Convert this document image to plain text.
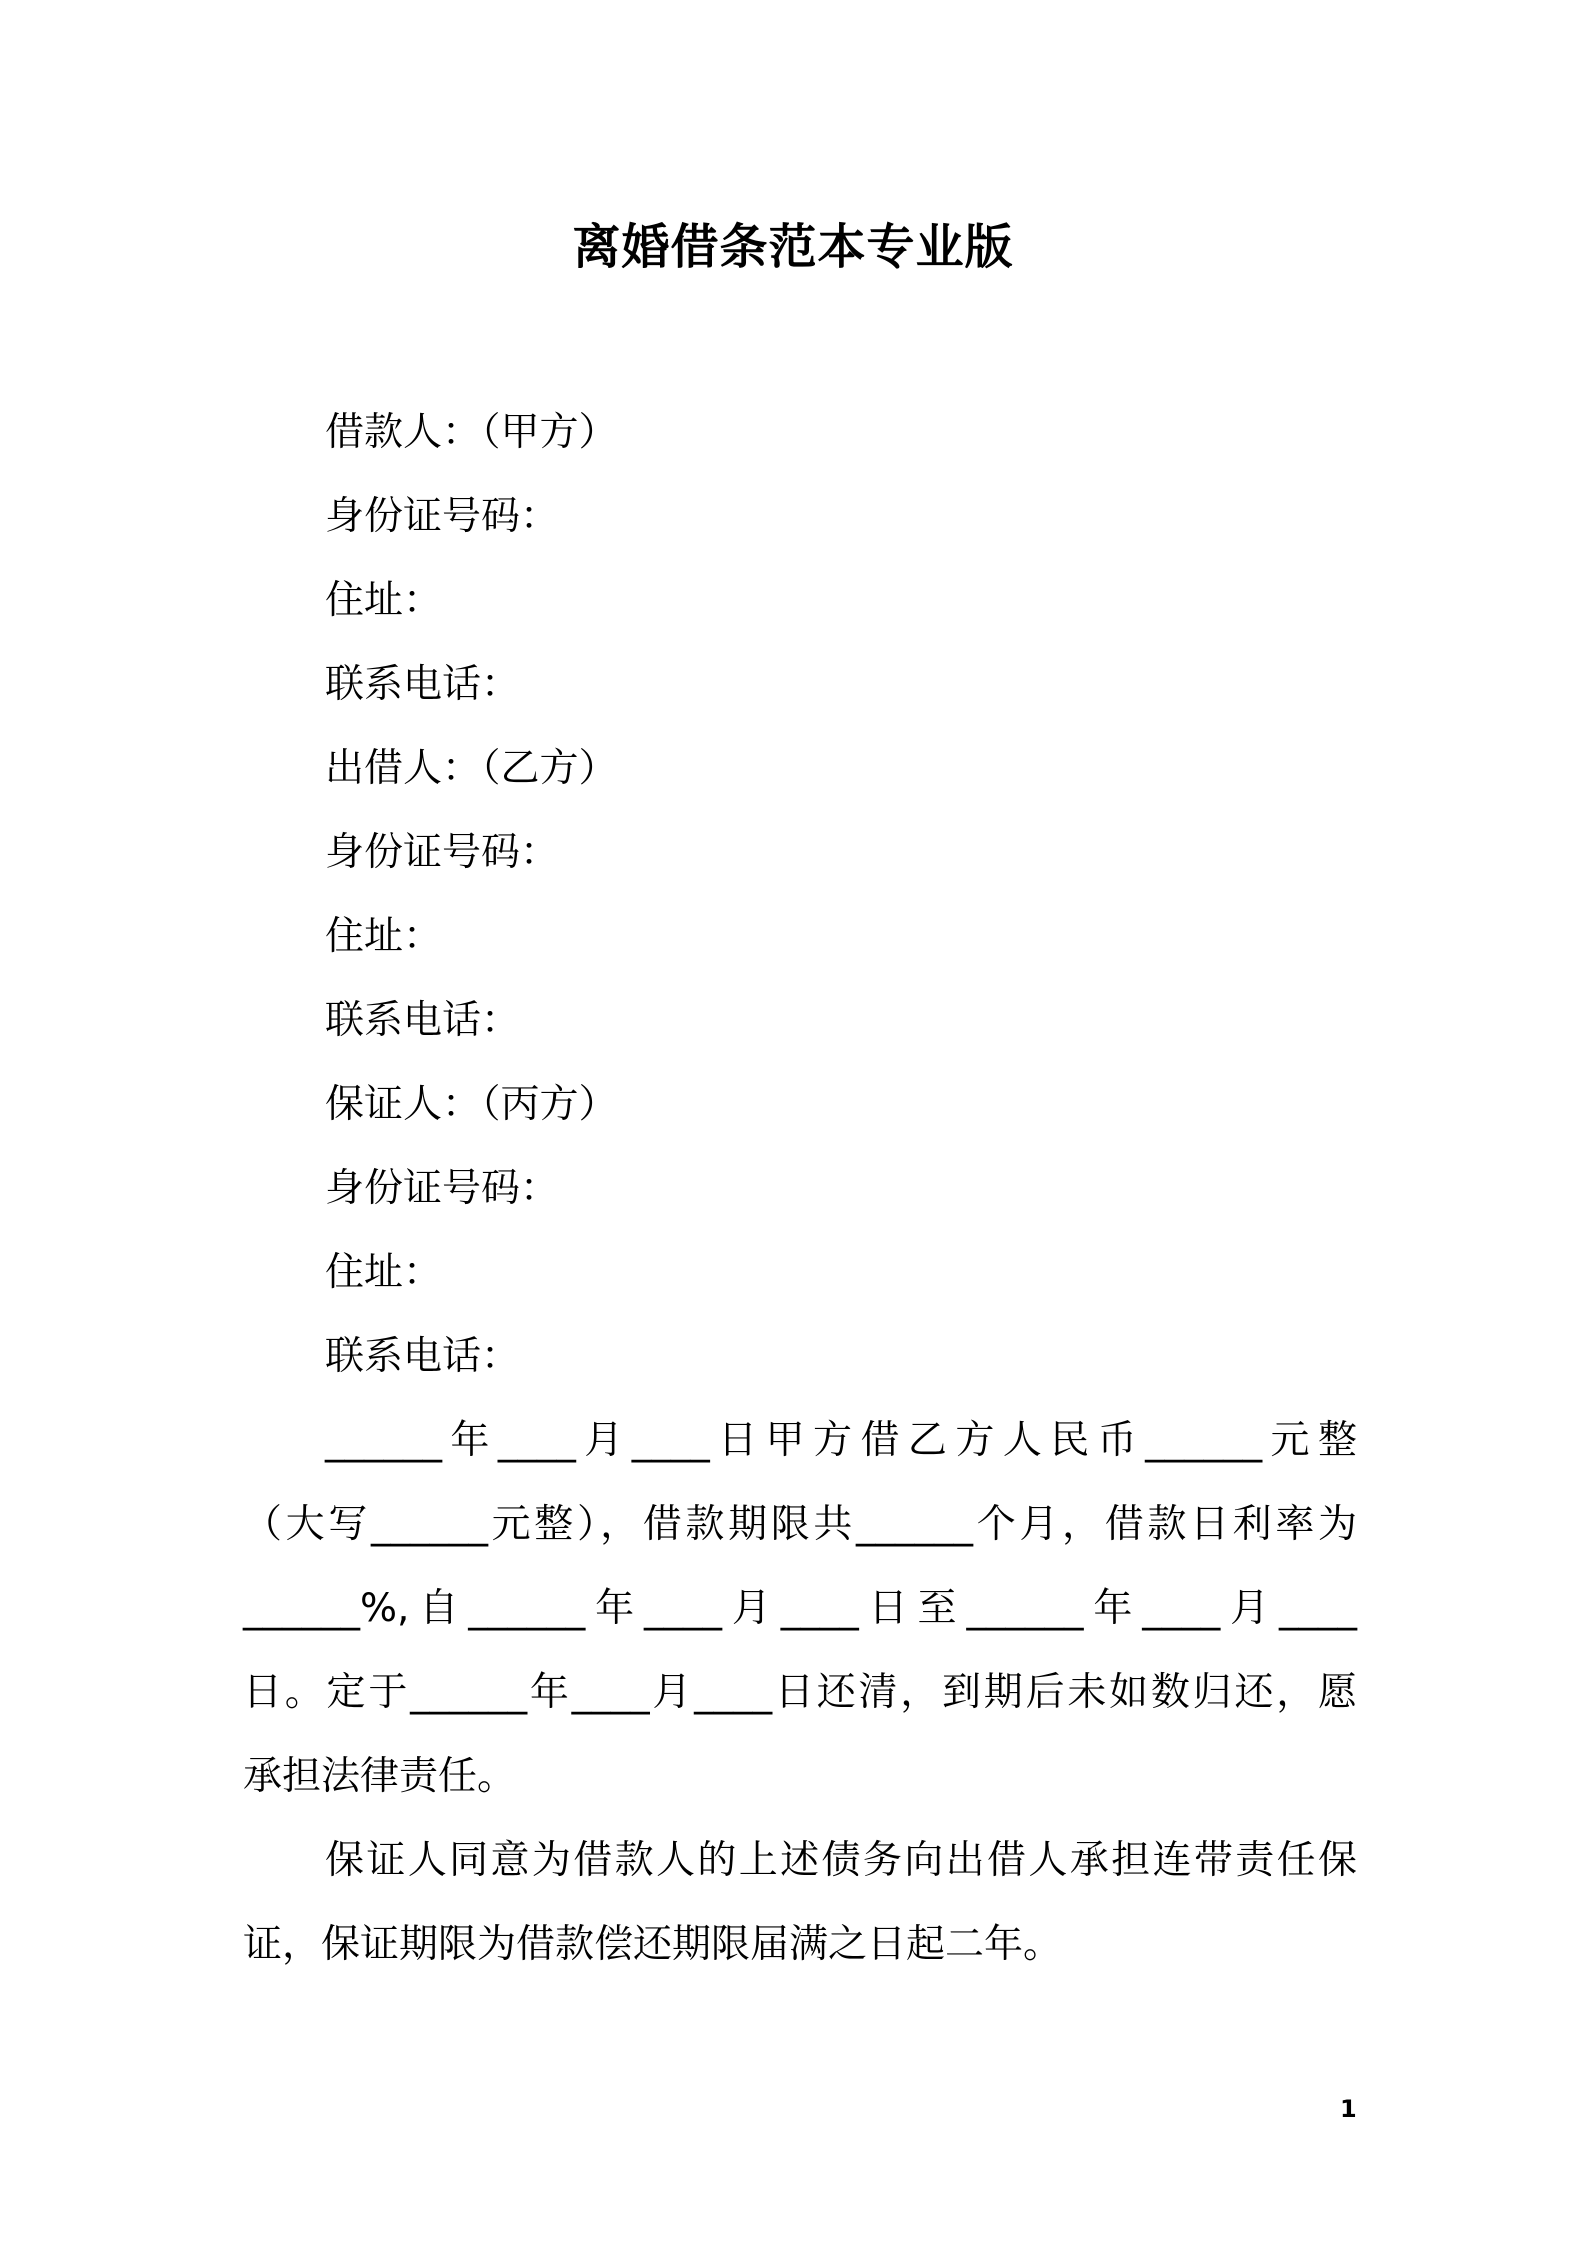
离婚借条范本专业版
借款人：（甲方）
身份证号码：
住址：
联系电话：
出借人：（乙方）
身份证号码：
住址：
联系电话：
保证人：（丙方）
身份证号码：
住址：
联系电话：
______年____月____日甲方借乙方人民币______元整
（大写______元整），借款期限共______个月，借款日利率为
______%,自______年____月____日至______年____月____
日。定于______年____月____日还清，到期后未如数归还，愿
承担法律责任。
保证人同意为借款人的上述债务向出借人承担连带责任保
证，保证期限为借款偿还期限届满之日起二年。
1
